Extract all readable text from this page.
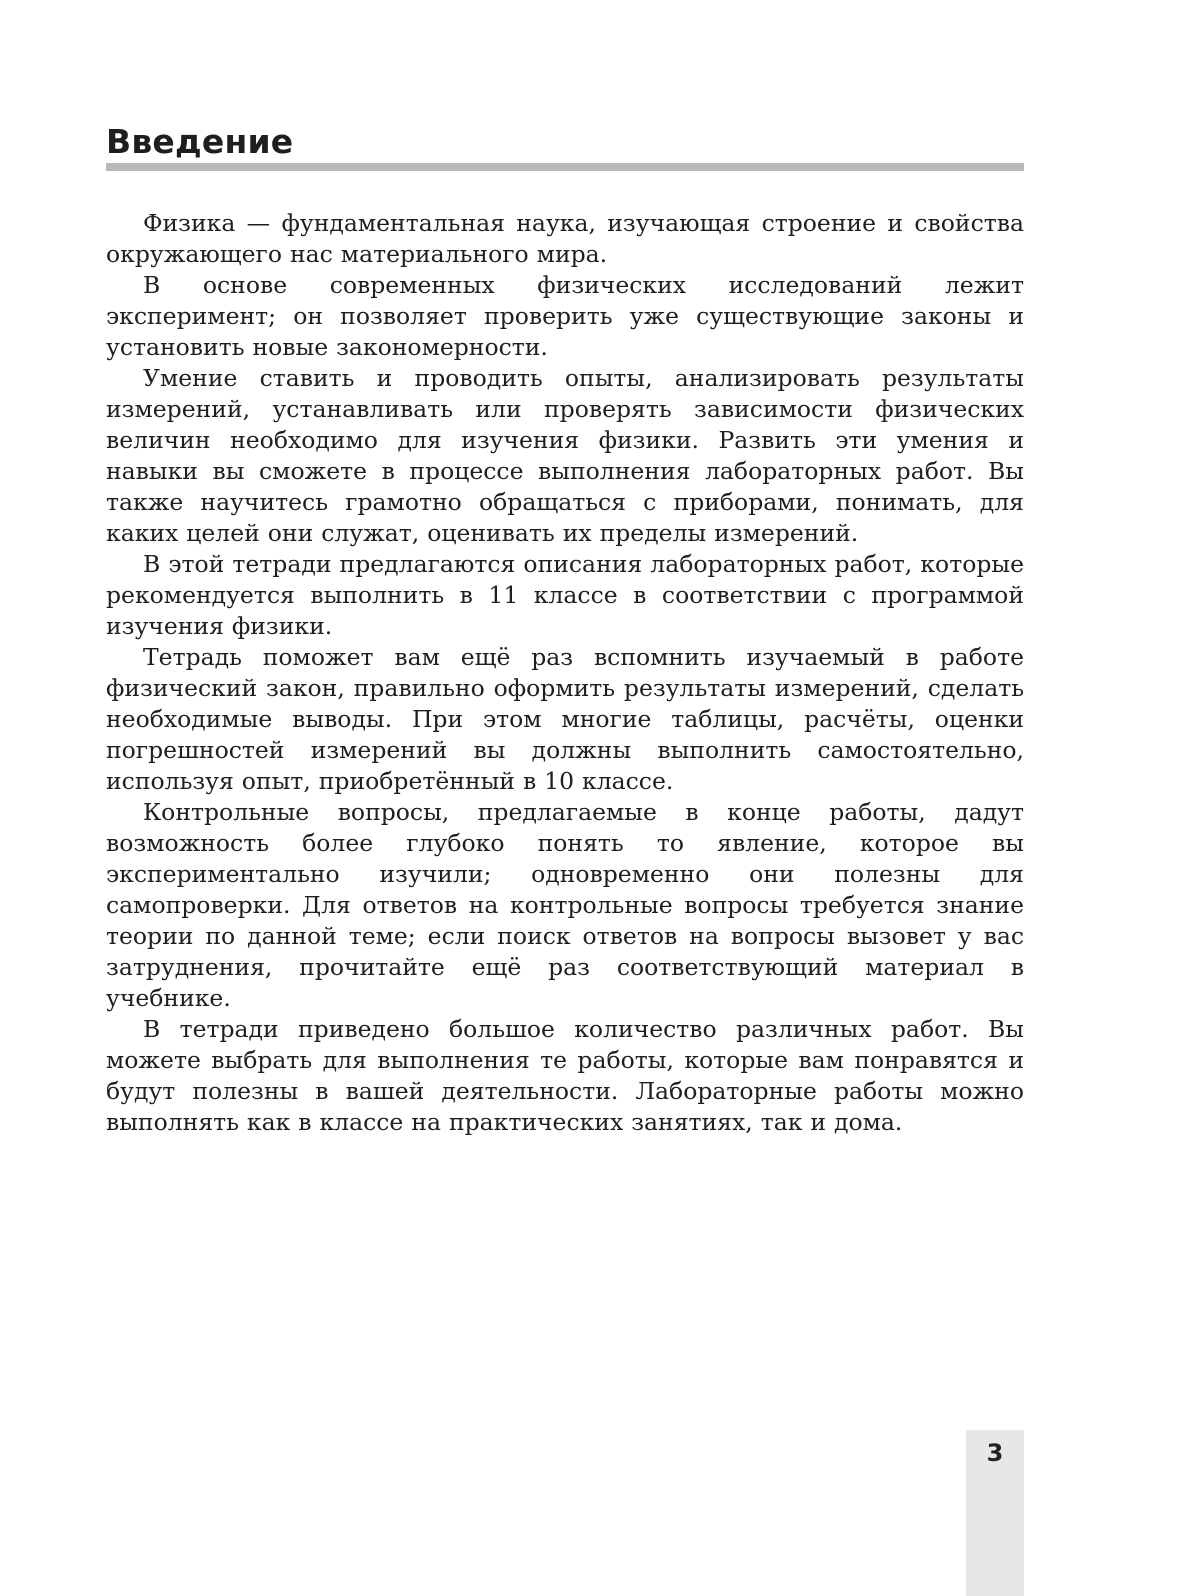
Введение

Физика — фундаментальная наука, изучающая строение и свойства окружающего нас материального мира.

В основе современных физических исследований лежит эксперимент; он позволяет проверить уже существующие законы и установить новые закономерности.

Умение ставить и проводить опыты, анализировать результаты измерений, устанавливать или проверять зависимости физических величин необходимо для изучения физики. Развить эти умения и навыки вы сможете в процессе выполнения лабораторных работ. Вы также научитесь грамотно обращаться с приборами, понимать, для каких целей они служат, оценивать их пределы измерений.

В этой тетради предлагаются описания лабораторных работ, которые рекомендуется выполнить в 11 классе в соответствии с программой изучения физики.

Тетрадь поможет вам ещё раз вспомнить изучаемый в работе физический закон, правильно оформить результаты измерений, сделать необходимые выводы. При этом многие таблицы, расчёты, оценки погрешностей измерений вы должны выполнить самостоятельно, используя опыт, приобретённый в 10 классе.

Контрольные вопросы, предлагаемые в конце работы, дадут возможность более глубоко понять то явление, которое вы экспериментально изучили; одновременно они полезны для самопроверки. Для ответов на контрольные вопросы требуется знание теории по данной теме; если поиск ответов на вопросы вызовет у вас затруднения, прочитайте ещё раз соответствующий материал в учебнике.

В тетради приведено большое количество различных работ. Вы можете выбрать для выполнения те работы, которые вам понравятся и будут полезны в вашей деятельности. Лабораторные работы можно выполнять как в классе на практических занятиях, так и дома.

3
